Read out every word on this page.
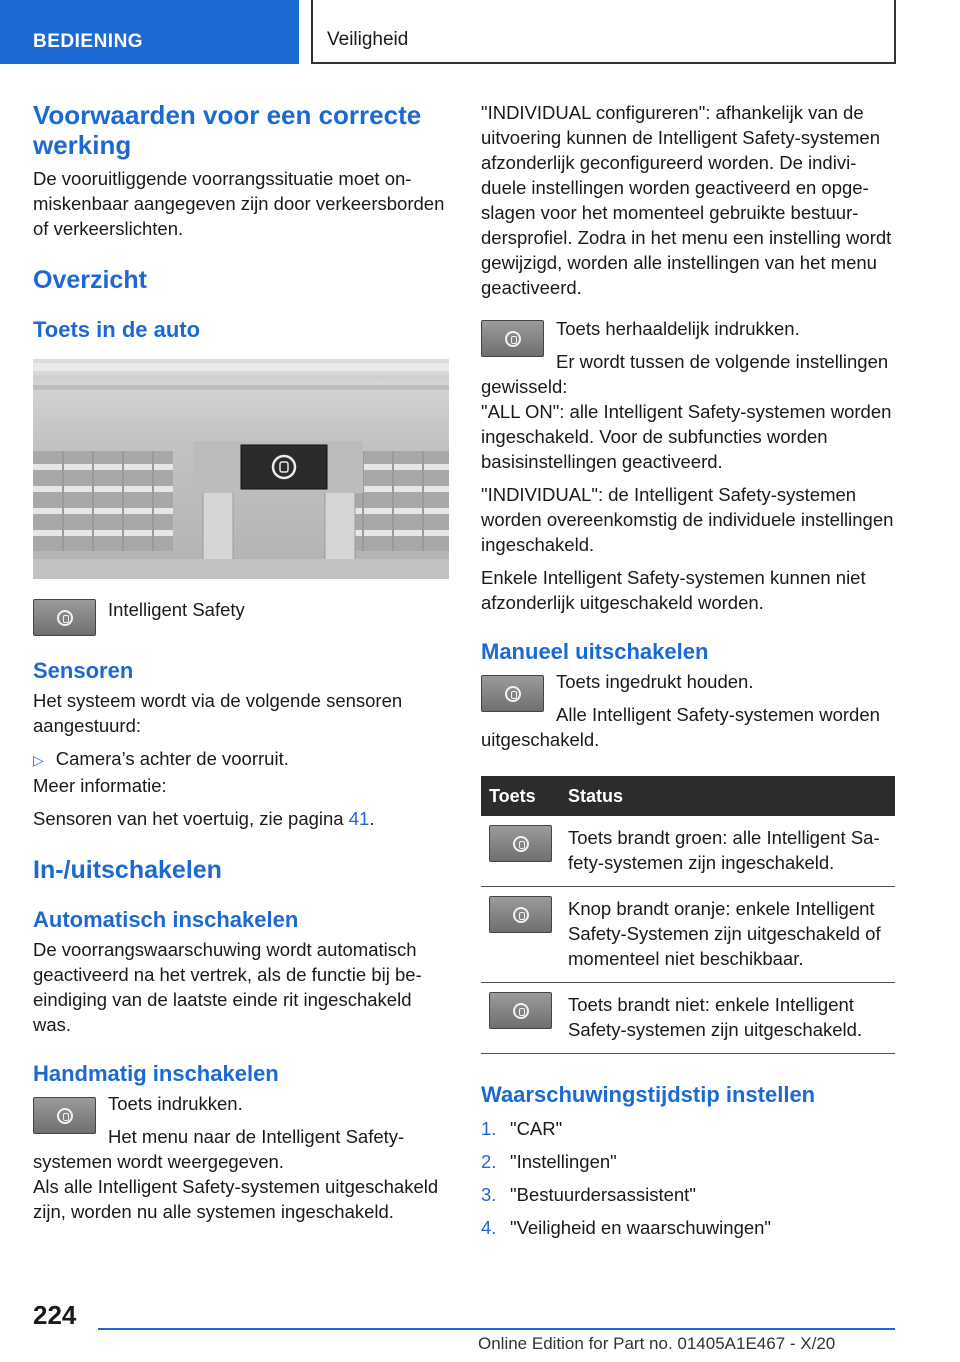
BEDIENING	Veiligheid
Voorwaarden voor een correcte werking

De vooruitliggende voorrangssituatie moet onmiskenbaar aangegeven zijn door verkeersborden of verkeerslichten.

Overzicht
Toets in de auto

Intelligent Safety

Sensoren

Het systeem wordt via de volgende sensoren aangestuurd:

▷ Camera’s achter de voorruit.

Meer informatie:

Sensoren van het voertuig, zie pagina 41.

In-/uitschakelen
Automatisch inschakelen

De voorrangswaarschuwing wordt automatisch geactiveerd na het vertrek, als de functie bij beeindiging van de laatste einde rit ingeschakeld was.

Handmatig inschakelen

Toets indrukken.

Het menu naar de Intelligent Safety-systemen wordt weergegeven.

Als alle Intelligent Safety-systemen uitgeschakeld zijn, worden nu alle systemen ingeschakeld.

"INDIVIDUAL configureren": afhankelijk van de uitvoering kunnen de Intelligent Safety-systemen afzonderlijk geconfigureerd worden. De individuele instellingen worden geactiveerd en opgeslagen voor het momenteel gebruikte bestuurdersprofiel. Zodra in het menu een instelling wordt gewijzigd, worden alle instellingen van het menu geactiveerd.

Toets herhaaldelijk indrukken.

Er wordt tussen de volgende instellingen gewisseld:

"ALL ON": alle Intelligent Safety-systemen worden ingeschakeld. Voor de subfuncties worden basisinstellingen geactiveerd.

"INDIVIDUAL": de Intelligent Safety-systemen worden overeenkomstig de individuele instellingen ingeschakeld.

Enkele Intelligent Safety-systemen kunnen niet afzonderlijk uitgeschakeld worden.

Manueel uitschakelen

Toets ingedrukt houden.

Alle Intelligent Safety-systemen worden uitgeschakeld.

Toets	Status

	Toets brandt groen: alle Intelligent Safety-systemen zijn ingeschakeld.

	Knop brandt oranje: enkele Intelligent Safety-Systemen zijn uitgeschakeld of momenteel niet beschikbaar.

	Toets brandt niet: enkele Intelligent Safety-systemen zijn uitgeschakeld.
Waarschuwingstijdstip instellen
1. "CAR"
2. "Instellingen"
3. "Bestuurdersassistent"
4. "Veiligheid en waarschuwingen"
224
Online Edition for Part no. 01405A1E467 - X/20
